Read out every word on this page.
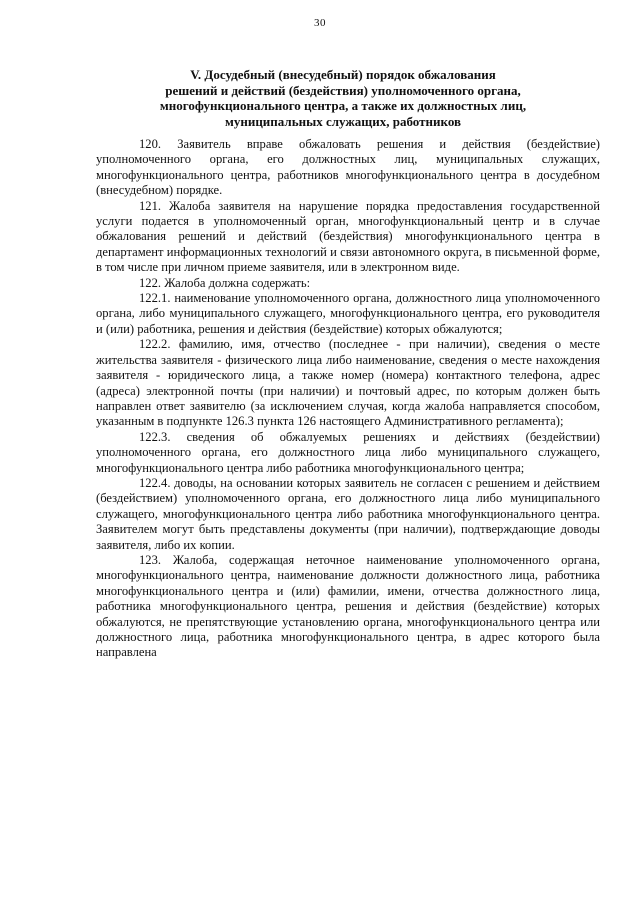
30
V. Досудебный (внесудебный) порядок обжалования
решений и действий (бездействия) уполномоченного органа,
многофункционального центра, а также их должностных лиц,
муниципальных служащих, работников

120. Заявитель вправе обжаловать решения и действия (бездействие) уполномоченного органа, его должностных лиц, муниципальных служащих, многофункционального центра, работников многофункционального центра в досудебном (внесудебном) порядке.

121. Жалоба заявителя на нарушение порядка предоставления государственной услуги подается в уполномоченный орган, многофункциональный центр и в случае обжалования решений и действий (бездействия) многофункционального центра в департамент информационных технологий и связи автономного округа, в письменной форме, в том числе при личном приеме заявителя, или в электронном виде.

122. Жалоба должна содержать:

122.1. наименование уполномоченного органа, должностного лица уполномоченного органа, либо муниципального служащего, многофункционального центра, его руководителя и (или) работника, решения и действия (бездействие) которых обжалуются;

122.2. фамилию, имя, отчество (последнее - при наличии), сведения о месте жительства заявителя - физического лица либо наименование, сведения о месте нахождения заявителя - юридического лица, а также номер (номера) контактного телефона, адрес (адреса) электронной почты (при наличии) и почтовый адрес, по которым должен быть направлен ответ заявителю (за исключением случая, когда жалоба направляется способом, указанным в подпункте 126.3 пункта 126 настоящего Административного регламента);

122.3. сведения об обжалуемых решениях и действиях (бездействии) уполномоченного органа, его должностного лица либо муниципального служащего, многофункционального центра либо работника многофункционального центра;

122.4. доводы, на основании которых заявитель не согласен с решением и действием (бездействием) уполномоченного органа, его должностного лица либо муниципального служащего, многофункционального центра либо работника многофункционального центра. Заявителем могут быть представлены документы (при наличии), подтверждающие доводы заявителя, либо их копии.

123. Жалоба, содержащая неточное наименование уполномоченного органа, многофункционального центра, наименование должности должностного лица, работника многофункционального центра и (или) фамилии, имени, отчества должностного лица, работника многофункционального центра, решения и действия (бездействие) которых обжалуются, не препятствующие установлению органа, многофункционального центра или должностного лица, работника многофункционального центра, в адрес которого была направлена
